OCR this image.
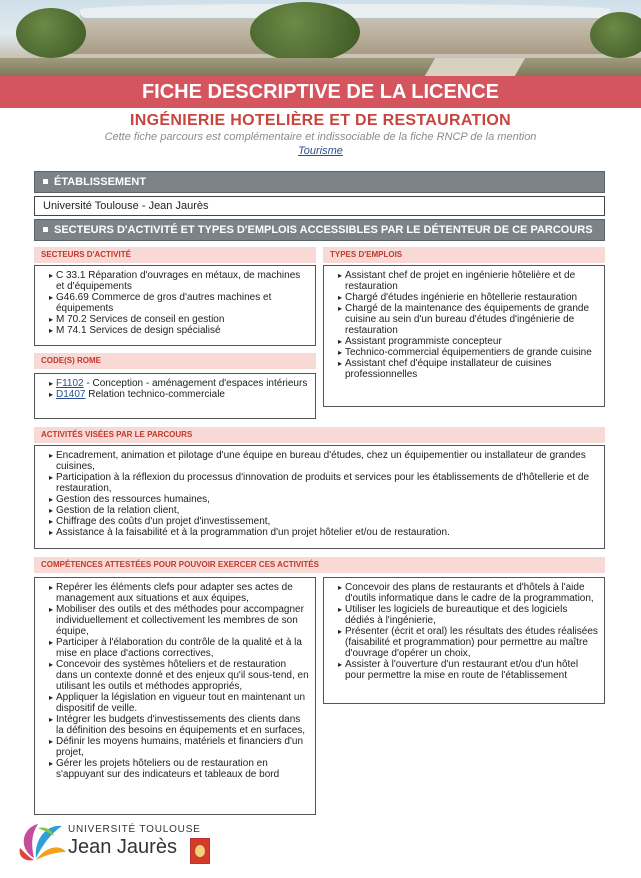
FICHE DESCRIPTIVE DE LA LICENCE
INGÉNIERIE HOTELIÈRE ET DE RESTAURATION
Cette fiche parcours est complémentaire et indissociable de la fiche RNCP de la mention
Tourisme
ÉTABLISSEMENT
Université Toulouse - Jean Jaurès
SECTEURS D'ACTIVITÉ ET TYPES D'EMPLOIS ACCESSIBLES PAR LE DÉTENTEUR DE CE PARCOURS
SECTEURS D'ACTIVITÉ
▸ C 33.1 Réparation d'ouvrages en métaux, de machines et d'équipements
▸ G46.69 Commerce de gros d'autres machines et équipements
▸ M 70.2 Services de conseil en gestion
▸ M 74.1 Services de design spécialisé
CODE(S) ROME
▸ F1102 - Conception - aménagement d'espaces intérieurs
▸ D1407 Relation technico-commerciale
TYPES D'EMPLOIS
▸ Assistant chef de projet en ingénierie hôtelière et de restauration
▸ Chargé d'études ingénierie en hôtellerie restauration
▸ Chargé de la maintenance des équipements de grande cuisine au sein d'un bureau d'études d'ingénierie de restauration
▸ Assistant programmiste concepteur
▸ Technico-commercial équipementiers de grande cuisine
▸ Assistant chef d'équipe installateur de cuisines professionnelles
ACTIVITÉS VISÉES PAR LE PARCOURS
▸ Encadrement, animation et pilotage d'une équipe en bureau d'études, chez un équipementier ou installateur de grandes cuisines,
▸ Participation à la réflexion du processus d'innovation de produits et services pour les établissements de d'hôtellerie et de restauration,
▸ Gestion des ressources humaines,
▸ Gestion de la relation client,
▸ Chiffrage des coûts d'un projet d'investissement,
▸ Assistance à la faisabilité et à la programmation d'un projet hôtelier et/ou de restauration.
COMPÉTENCES ATTESTÉES POUR POUVOIR EXERCER CES ACTIVITÉS
▸ Repérer les éléments clefs pour adapter ses actes de management aux situations et aux équipes,
▸ Mobiliser des outils et des méthodes pour accompagner individuellement et collectivement les membres de son équipe,
▸ Participer à l'élaboration du contrôle de la qualité et à la mise en place d'actions correctives,
▸ Concevoir des systèmes hôteliers et de restauration dans un contexte donné et des enjeux qu'il sous-tend, en utilisant les outils et méthodes appropriés,
▸ Appliquer la législation en vigueur tout en maintenant un dispositif de veille.
▸ Intégrer les budgets d'investissements des clients dans la définition des besoins en équipements et en surfaces,
▸ Définir les moyens humains, matériels et financiers d'un projet,
▸ Gérer les projets hôteliers ou de restauration en s'appuyant sur des indicateurs et tableaux de bord
▸ Concevoir des plans de restaurants et d'hôtels à l'aide d'outils informatique dans le cadre de la programmation,
▸ Utiliser les logiciels de bureautique et des logiciels dédiés à l'ingénierie,
▸ Présenter (écrit et oral) les résultats des études réalisées (faisabilité et programmation) pour permettre au maître d'ouvrage d'opérer un choix,
▸ Assister à l'ouverture d'un restaurant et/ou d'un hôtel pour permettre la mise en route de l'établissement
UNIVERSITÉ TOULOUSE
Jean Jaurès
